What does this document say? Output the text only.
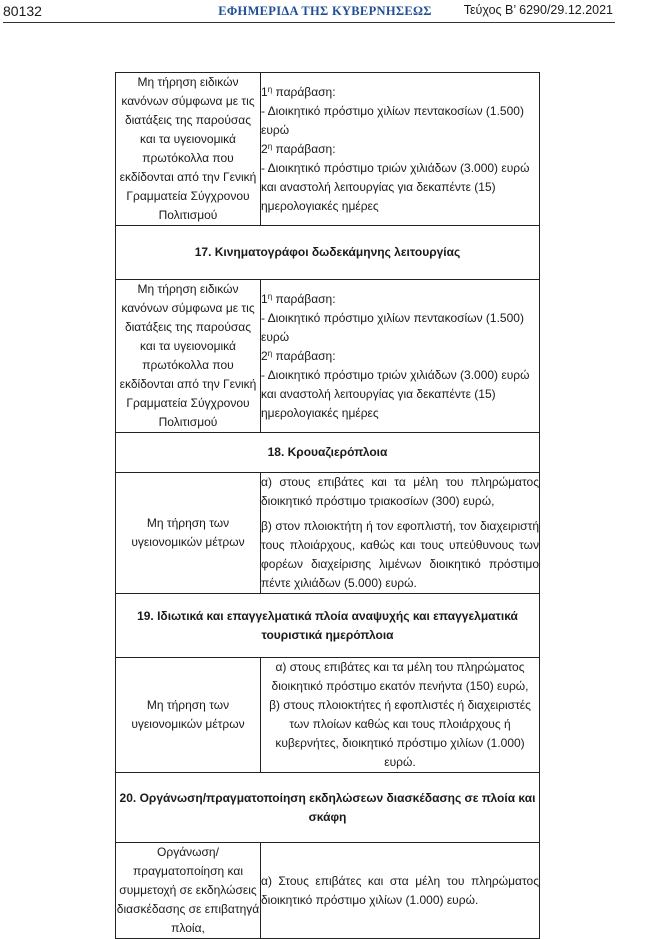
80132	ΕΦΗΜΕΡΙΔΑ ΤΗΣ ΚΥΒΕΡΝΗΣΕΩΣ	Τεύχος Β’ 6290/29.12.2021
Μη τήρηση ειδικών κανόνων σύμφωνα με τις διατάξεις της παρούσας και τα υγειονομικά πρωτόκολλα που εκδίδονται από την Γενική Γραμματεία Σύγχρονου Πολιτισμού	$1^\eta$ παράβαση:

- Διοικητικό πρόστιμο χιλίων πεντακοσίων (1.500) ευρώ

$2^\eta$ παράβαση:

- Διοικητικό πρόστιμο τριών χιλιάδων (3.000) ευρώ και αναστολή λειτουργίας για δεκαπέντε (15) ημερολογιακές ημέρες

17. Κινηματογράφοι δωδεκάμηνης λειτουργίας	
Μη τήρηση ειδικών κανόνων σύμφωνα με τις διατάξεις της παρούσας και τα υγειονομικά πρωτόκολλα που εκδίδονται από την Γενική Γραμματεία Σύγχρονου Πολιτισμού	$1^\eta$ παράβαση:

- Διοικητικό πρόστιμο χιλίων πεντακοσίων (1.500) ευρώ

$2^\eta$ παράβαση:

- Διοικητικό πρόστιμο τριών χιλιάδων (3.000) ευρώ και αναστολή λειτουργίας για δεκαπέντε (15) ημερολογιακές ημέρες

18. Κρουαζιερόπλοια	
Μη τήρηση των υγειονομικών μέτρων	α) στους επιβάτες και τα μέλη του πληρώματος διοικητικό πρόστιμο τριακοσίων (300) ευρώ,

β) στον πλοιοκτήτη ή τον εφοπλιστή, τον διαχειριστή τους πλοιάρχους, καθώς και τους υπεύθυνους των φορέων διαχείρισης λιμένων διοικητικό πρόστιμο πέντε χιλιάδων (5.000) ευρώ.

19. Ιδιωτικά και επαγγελματικά πλοία αναψυχής και επαγγελματικά τουριστικά ημερόπλοια	
Μη τήρηση των υγειονομικών μέτρων	α) στους επιβάτες και τα μέλη του πληρώματος διοικητικό πρόστιμο εκατόν πενήντα (150) ευρώ,

β) στους πλοιοκτήτες ή εφοπλιστές ή διαχειριστές των πλοίων καθώς και τους πλοιάρχους ή κυβερνήτες, διοικητικό πρόστιμο χιλίων (1.000) ευρώ.

20. Οργάνωση/πραγματοποίηση εκδηλώσεων διασκέδασης σε πλοία και σκάφη	
Οργάνωση/πραγματοποίηση και συμμετοχή σε εκδηλώσεις διασκέδασης σε επιβατηγά πλοία,	α) Στους επιβάτες και στα μέλη του πληρώματος διοικητικό πρόστιμο χιλίων (1.000) ευρώ.
